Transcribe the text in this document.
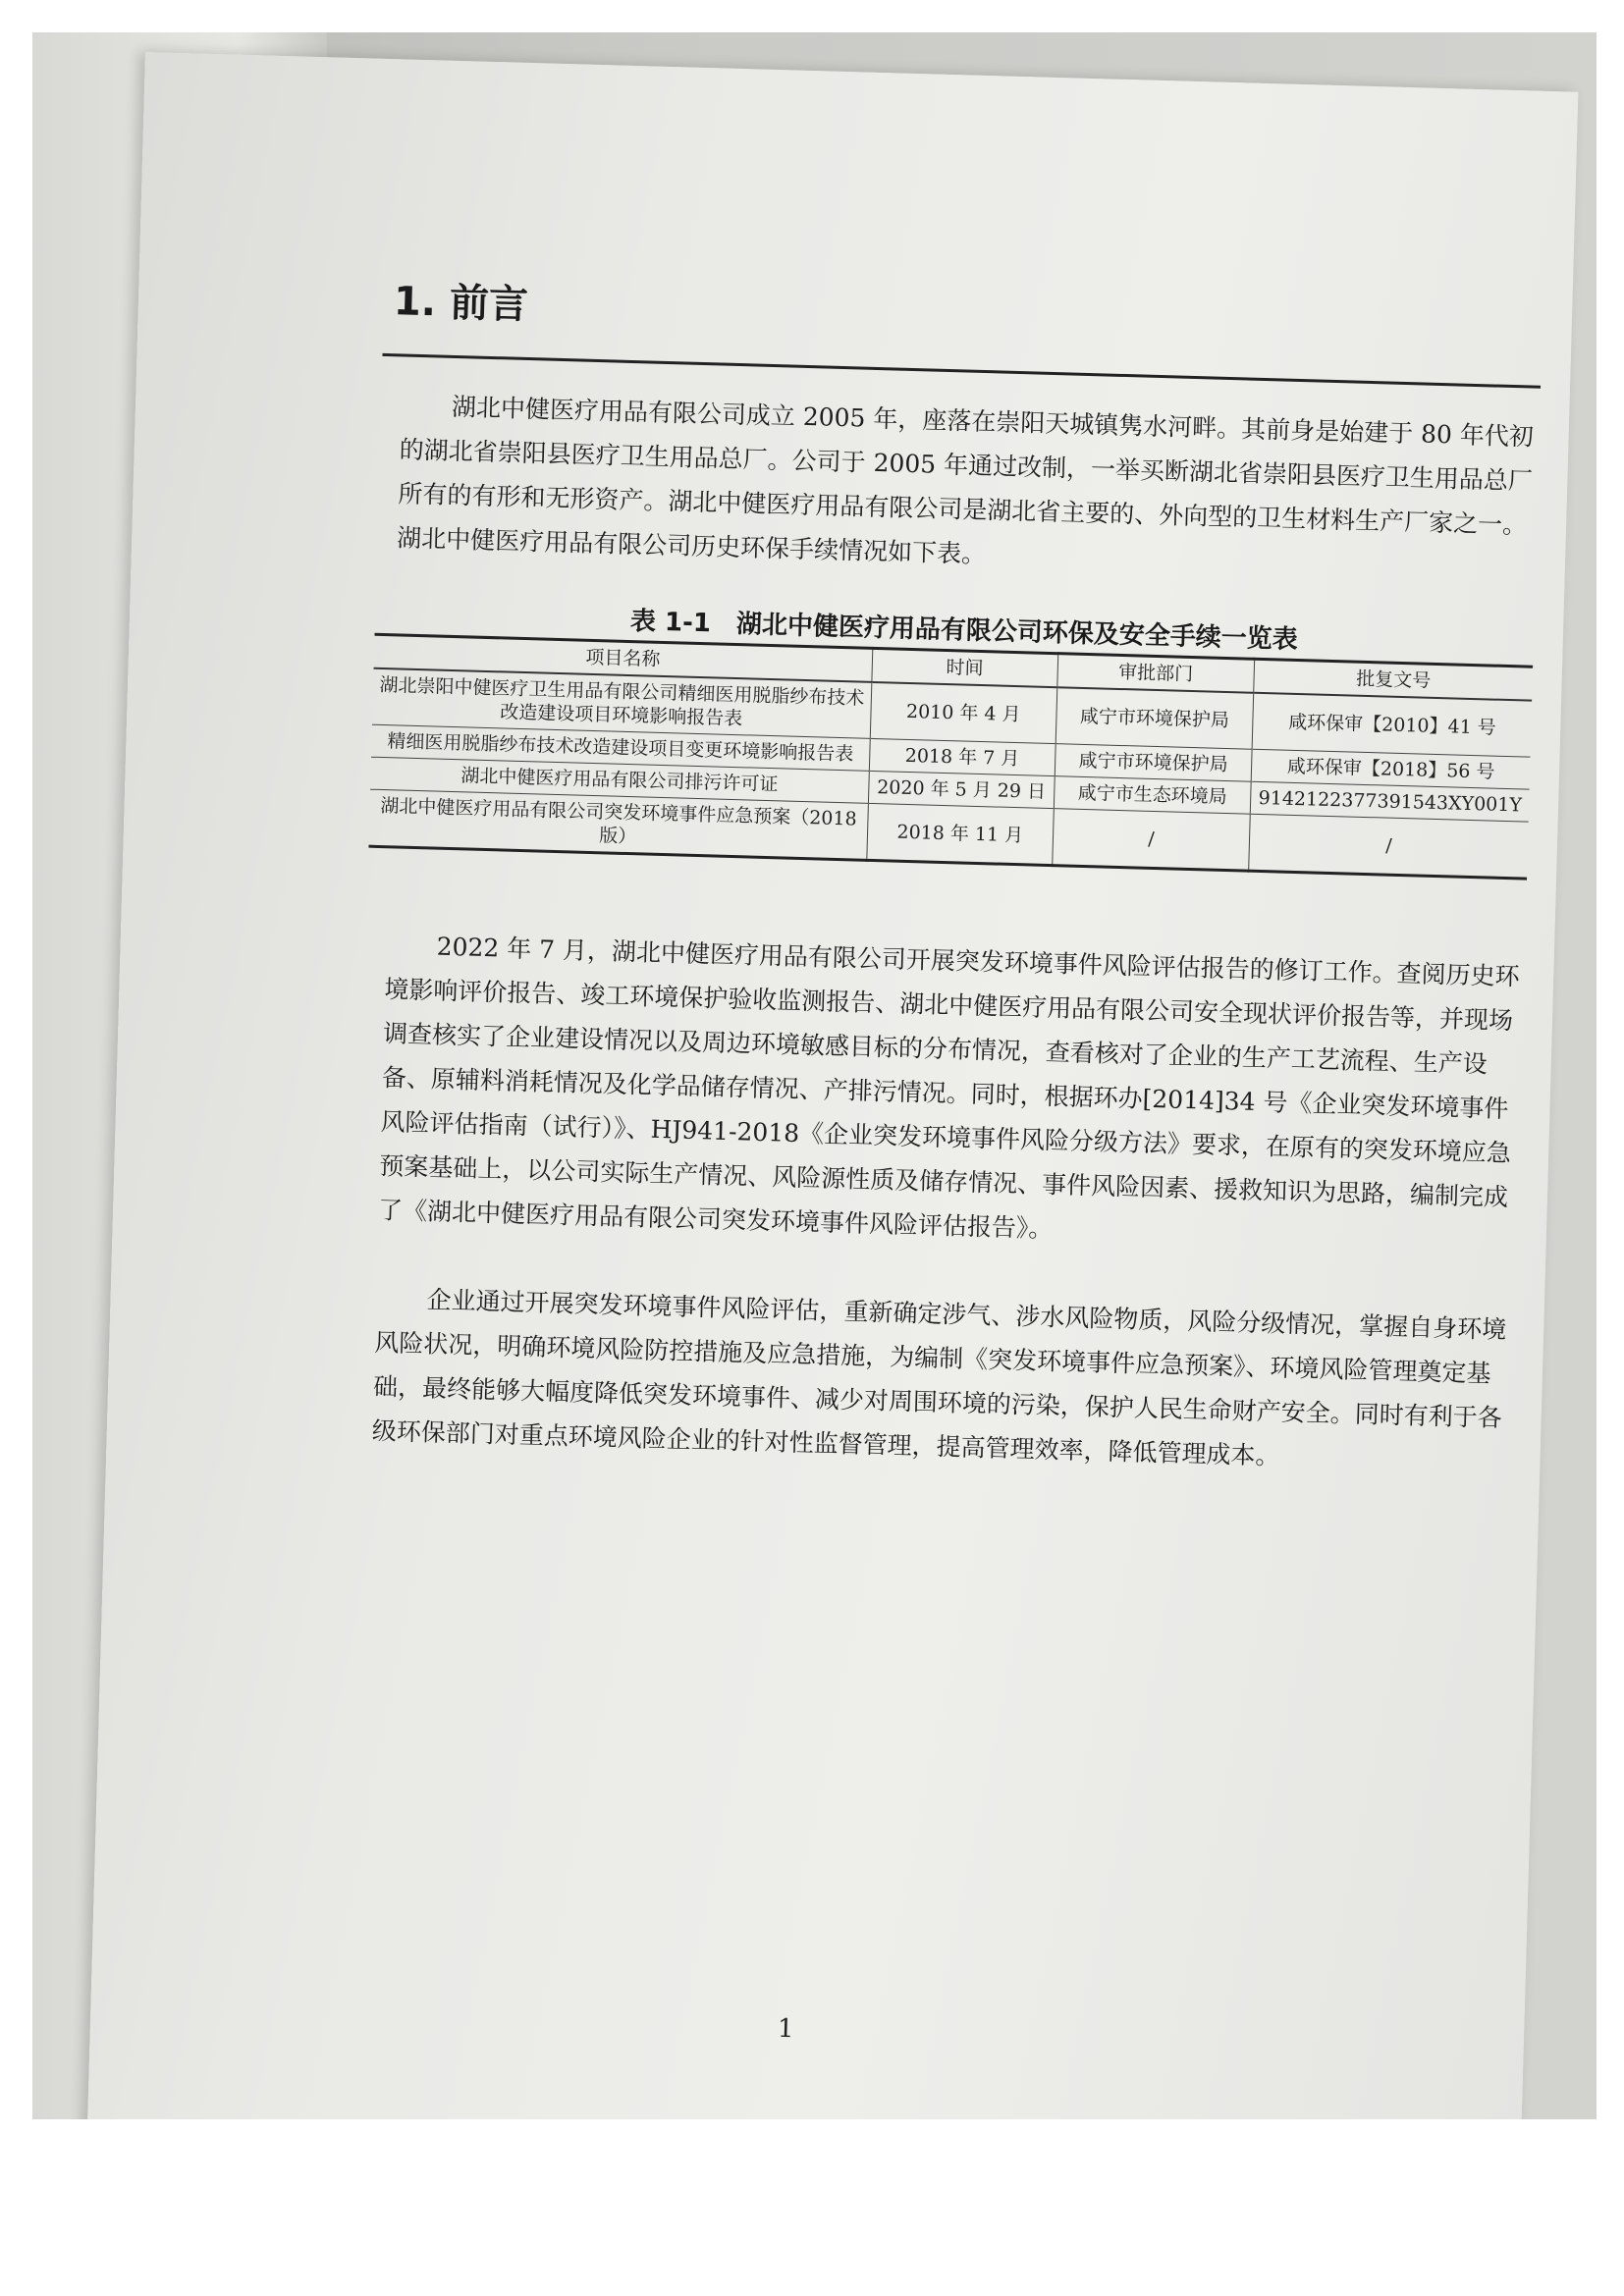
1. 前言

湖北中健医疗用品有限公司成立 2005 年，座落在崇阳天城镇隽水河畔。其前身是始建于 80 年代初的湖北省崇阳县医疗卫生用品总厂。公司于 2005 年通过改制，一举买断湖北省崇阳县医疗卫生用品总厂所有的有形和无形资产。湖北中健医疗用品有限公司是湖北省主要的、外向型的卫生材料生产厂家之一。湖北中健医疗用品有限公司历史环保手续情况如下表。

表 1-1　湖北中健医疗用品有限公司环保及安全手续一览表
项目名称	时间	审批部门	批复文号
湖北崇阳中健医疗卫生用品有限公司精细医用脱脂纱布技术改造建设项目环境影响报告表	2010 年 4 月	咸宁市环境保护局	咸环保审【2010】41 号
精细医用脱脂纱布技术改造建设项目变更环境影响报告表	2018 年 7 月	咸宁市环境保护局	咸环保审【2018】56 号
湖北中健医疗用品有限公司排污许可证	2020 年 5 月 29 日	咸宁市生态环境局	9142122377391543XY001Y
湖北中健医疗用品有限公司突发环境事件应急预案（2018 版）	2018 年 11 月	/	/

2022 年 7 月，湖北中健医疗用品有限公司开展突发环境事件风险评估报告的修订工作。查阅历史环境影响评价报告、竣工环境保护验收监测报告、湖北中健医疗用品有限公司安全现状评价报告等，并现场调查核实了企业建设情况以及周边环境敏感目标的分布情况，查看核对了企业的生产工艺流程、生产设备、原辅料消耗情况及化学品储存情况、产排污情况。同时，根据环办[2014]34 号《企业突发环境事件风险评估指南（试行）》、HJ941-2018《企业突发环境事件风险分级方法》要求，在原有的突发环境应急预案基础上，以公司实际生产情况、风险源性质及储存情况、事件风险因素、援救知识为思路，编制完成了《湖北中健医疗用品有限公司突发环境事件风险评估报告》。

企业通过开展突发环境事件风险评估，重新确定涉气、涉水风险物质，风险分级情况，掌握自身环境风险状况，明确环境风险防控措施及应急措施，为编制《突发环境事件应急预案》、环境风险管理奠定基础，最终能够大幅度降低突发环境事件、减少对周围环境的污染，保护人民生命财产安全。同时有利于各级环保部门对重点环境风险企业的针对性监督管理，提高管理效率，降低管理成本。

1
